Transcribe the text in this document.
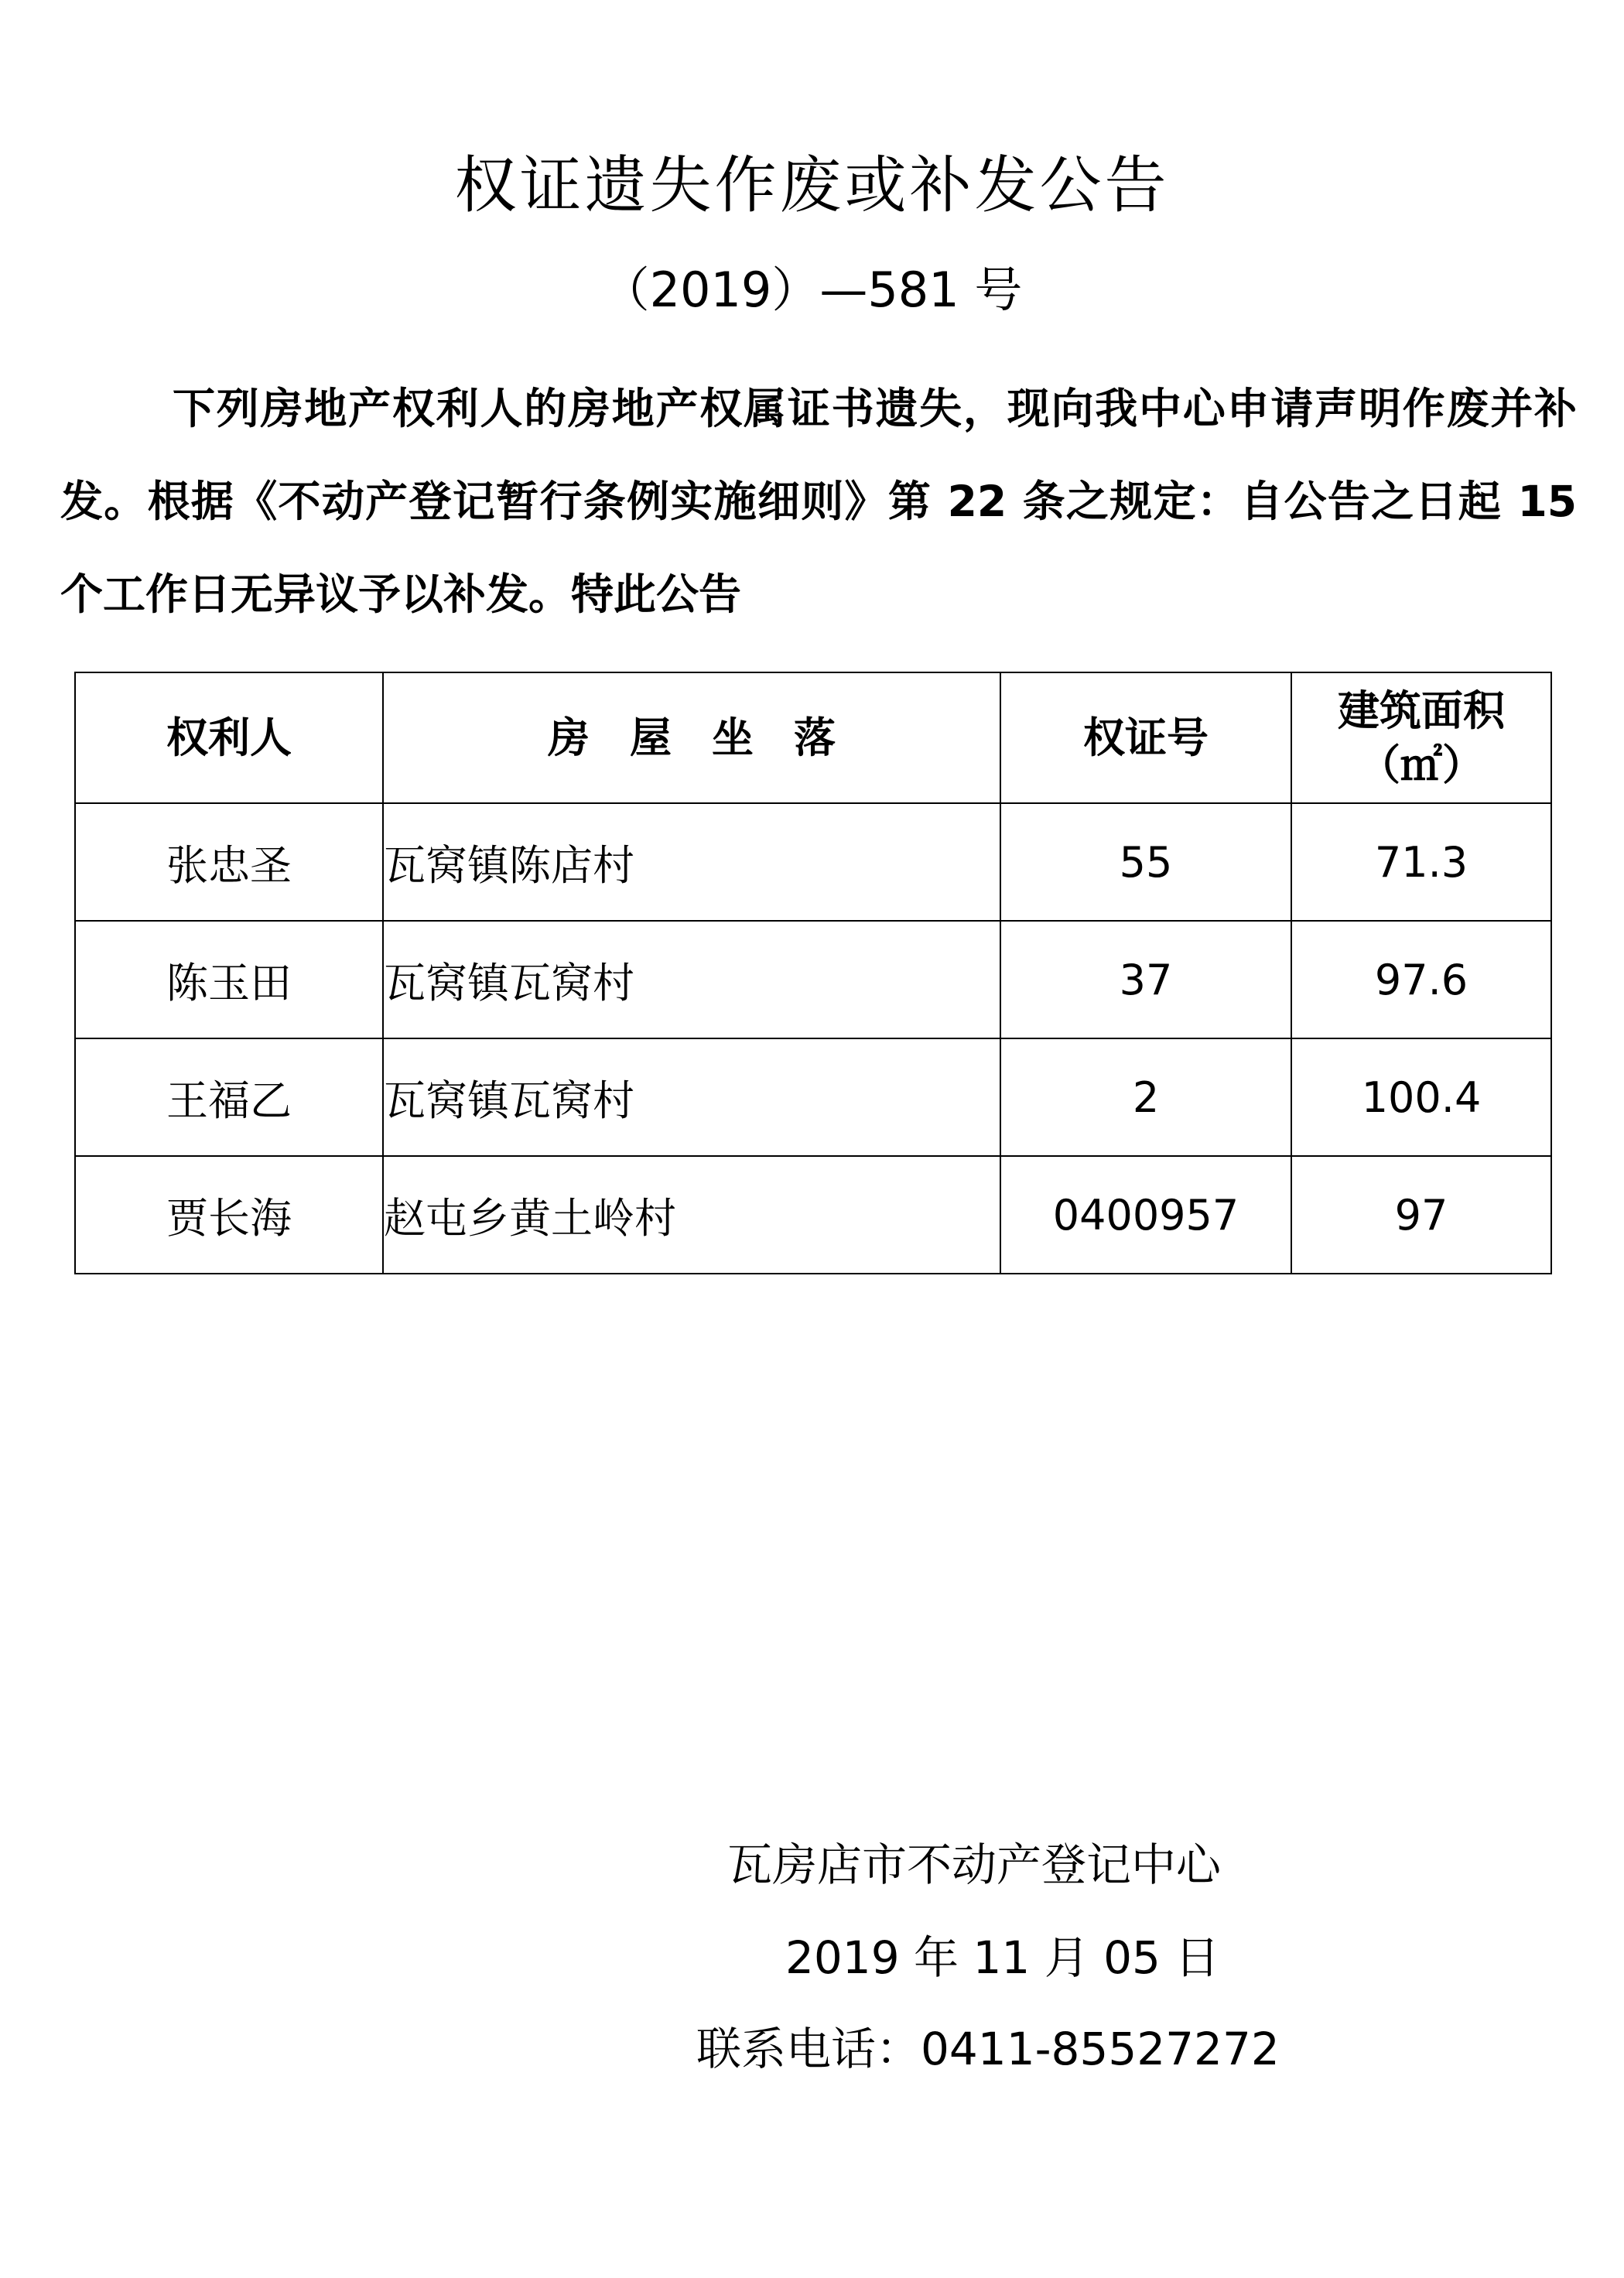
权证遗失作废或补发公告
（2019）—581 号
下列房地产权利人的房地产权属证书遗失，现向我中心申请声明作废并补发。根据《不动产登记暂行条例实施细则》第 22 条之规定：自公告之日起 15 个工作日无异议予以补发。特此公告
权利人	房屋坐落	权证号	建筑面积
（㎡）

张忠圣	瓦窝镇陈店村	55	71.3
陈玉田	瓦窝镇瓦窝村	37	97.6
王福乙	瓦窝镇瓦窝村	2	100.4
贾长海	赵屯乡黄土岭村	0400957	97
瓦房店市不动产登记中心
2019 年 11 月 05 日
联系电话：0411-85527272
